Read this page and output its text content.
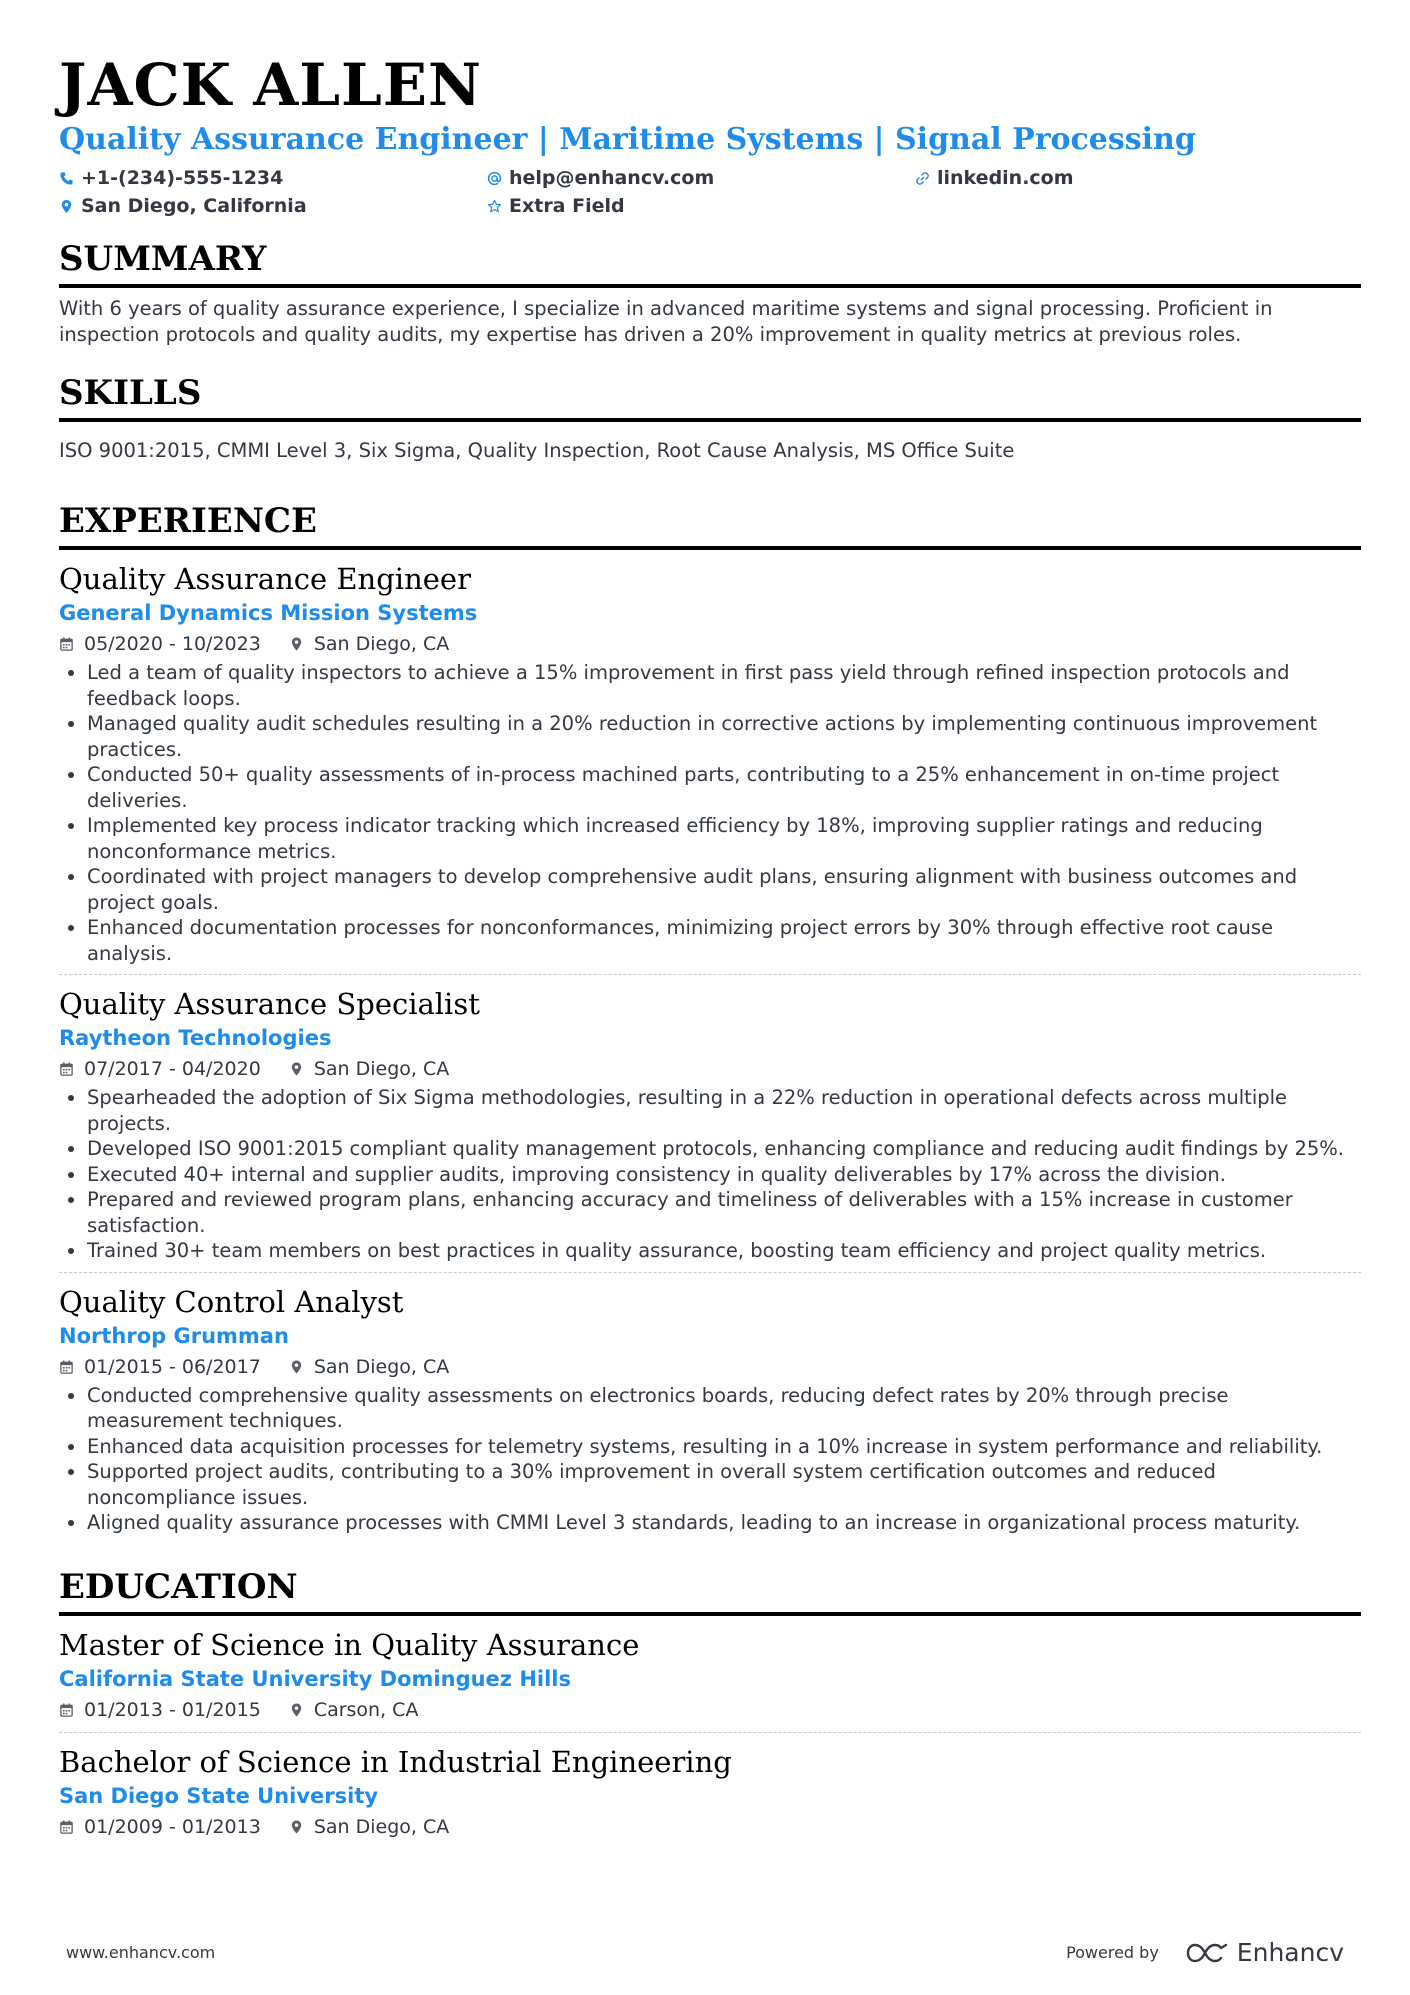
JACK ALLEN
Quality Assurance Engineer | Maritime Systems | Signal Processing
+1-(234)-555-1234	help@enhancv.com	linkedin.com
San Diego, California	Extra Field
SUMMARY

With 6 years of quality assurance experience, I specialize in advanced maritime systems and signal processing. Proficient in inspection protocols and quality audits, my expertise has driven a 20% improvement in quality metrics at previous roles.

SKILLS

ISO 9001:2015, CMMI Level 3, Six Sigma, Quality Inspection, Root Cause Analysis, MS Office Suite

EXPERIENCE
Quality Assurance Engineer
General Dynamics Mission Systems
05/2020 - 10/2023	San Diego, CA
• Led a team of quality inspectors to achieve a 15% improvement in first pass yield through refined inspection protocols and feedback loops.
• Managed quality audit schedules resulting in a 20% reduction in corrective actions by implementing continuous improvement practices.
• Conducted 50+ quality assessments of in-process machined parts, contributing to a 25% enhancement in on-time project deliveries.
• Implemented key process indicator tracking which increased efficiency by 18%, improving supplier ratings and reducing nonconformance metrics.
• Coordinated with project managers to develop comprehensive audit plans, ensuring alignment with business outcomes and project goals.
• Enhanced documentation processes for nonconformances, minimizing project errors by 30% through effective root cause analysis.
Quality Assurance Specialist
Raytheon Technologies
07/2017 - 04/2020	San Diego, CA
• Spearheaded the adoption of Six Sigma methodologies, resulting in a 22% reduction in operational defects across multiple projects.
• Developed ISO 9001:2015 compliant quality management protocols, enhancing compliance and reducing audit findings by 25%.
• Executed 40+ internal and supplier audits, improving consistency in quality deliverables by 17% across the division.
• Prepared and reviewed program plans, enhancing accuracy and timeliness of deliverables with a 15% increase in customer satisfaction.
• Trained 30+ team members on best practices in quality assurance, boosting team efficiency and project quality metrics.
Quality Control Analyst
Northrop Grumman
01/2015 - 06/2017	San Diego, CA
• Conducted comprehensive quality assessments on electronics boards, reducing defect rates by 20% through precise measurement techniques.
• Enhanced data acquisition processes for telemetry systems, resulting in a 10% increase in system performance and reliability.
• Supported project audits, contributing to a 30% improvement in overall system certification outcomes and reduced noncompliance issues.
• Aligned quality assurance processes with CMMI Level 3 standards, leading to an increase in organizational process maturity.
EDUCATION
Master of Science in Quality Assurance
California State University Dominguez Hills
01/2013 - 01/2015	Carson, CA
Bachelor of Science in Industrial Engineering
San Diego State University
01/2009 - 01/2013	San Diego, CA
www.enhancv.com	Powered by	Enhancv
